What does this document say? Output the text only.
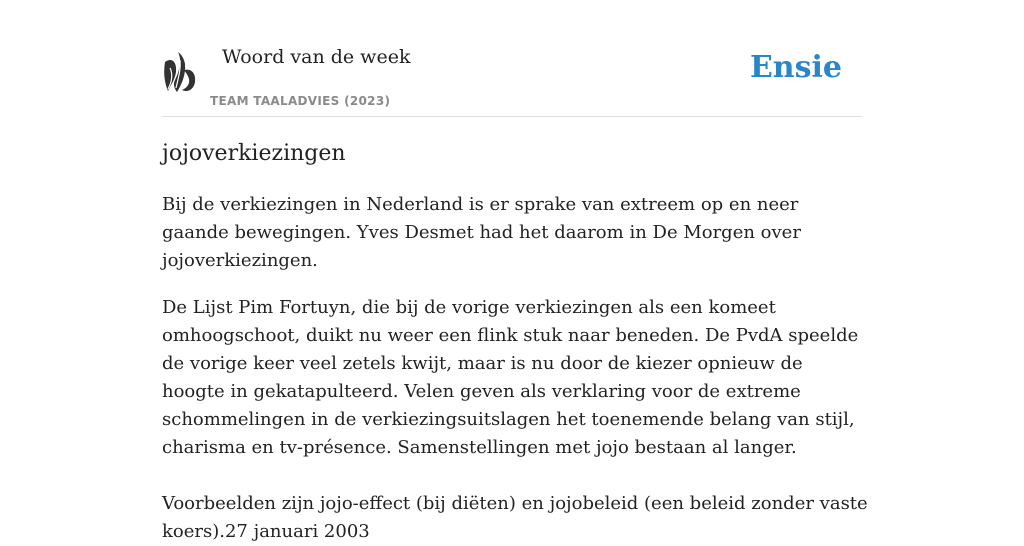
Woord van de week
TEAM TAALADVIES (2023)
Ensie
jojoverkiezingen

Bij de verkiezingen in Nederland is er sprake van extreem op en neer gaande bewegingen. Yves Desmet had het daarom in De Morgen over jojoverkiezingen.

De Lijst Pim Fortuyn, die bij de vorige verkiezingen als een komeet omhoogschoot, duikt nu weer een flink stuk naar beneden. De PvdA speelde de vorige keer veel zetels kwijt, maar is nu door de kiezer opnieuw de hoogte in gekatapulteerd. Velen geven als verklaring voor de extreme schommelingen in de verkiezingsuitslagen het toenemende belang van stijl, charisma en tv-présence. Samenstellingen met jojo bestaan al langer.

Voorbeelden zijn jojo-effect (bij diëten) en jojobeleid (een beleid zonder vaste
koers).27 januari 2003
